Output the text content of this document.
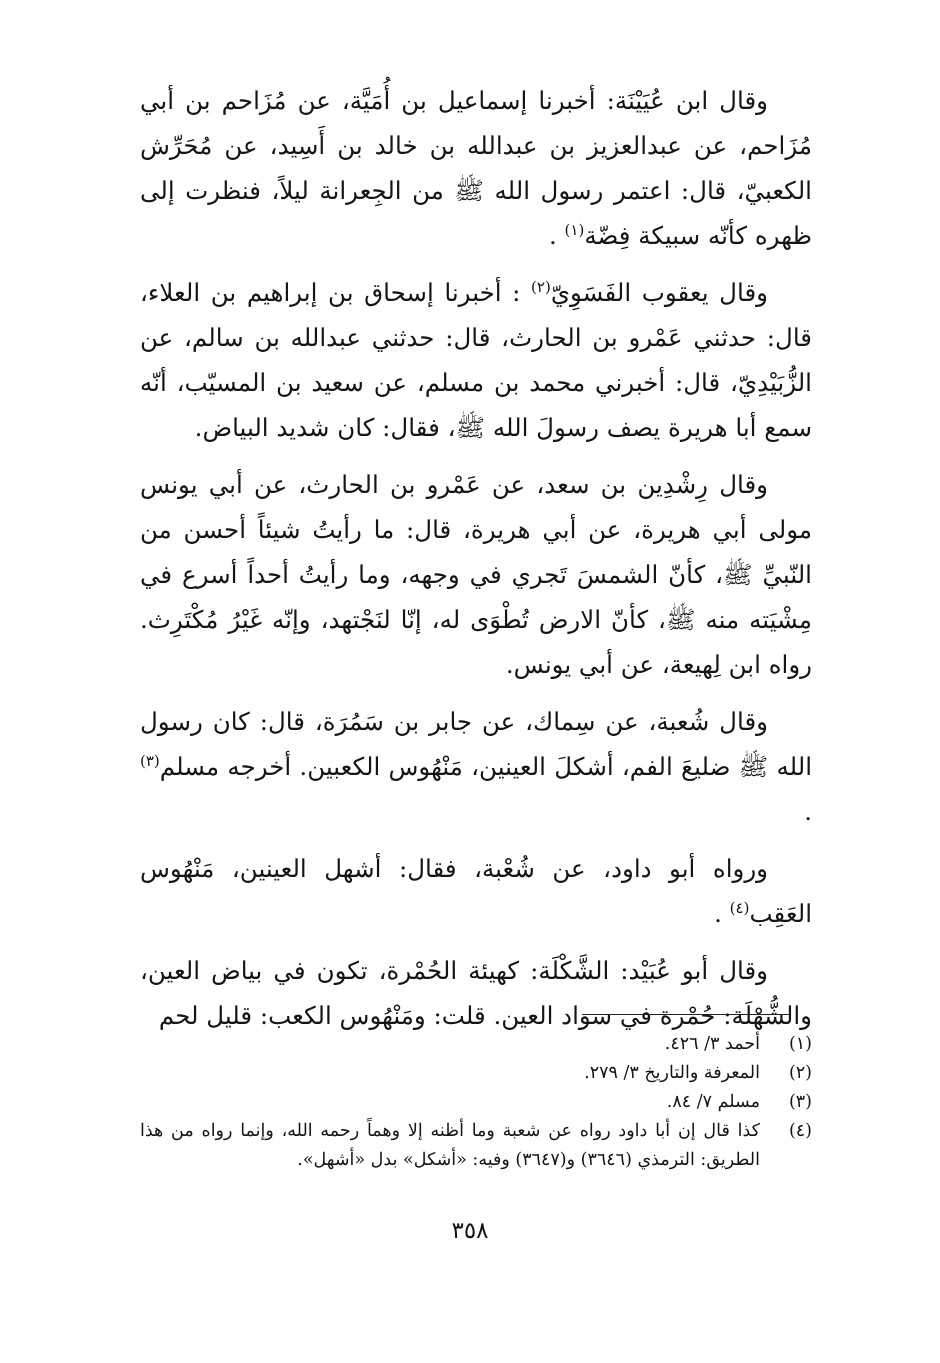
وقال ابن عُيَيْنَة: أخبرنا إسماعيل بن أُمَيَّة، عن مُزَاحم بن أبي مُزَاحم، عن عبدالعزيز بن عبدالله بن خالد بن أَسِيد، عن مُحَرِّش الكعبيّ، قال: اعتمر رسول الله ﷺ من الجِعرانة ليلاً، فنظرت إلى ظهره كأنّه سبيكة فِضّة$^{(١)}$ .

وقال يعقوب الفَسَوِيّ$^{(٢)}$ : أخبرنا إسحاق بن إبراهيم بن العلاء، قال: حدثني عَمْرو بن الحارث، قال: حدثني عبدالله بن سالم، عن الزُّبَيْدِيّ، قال: أخبرني محمد بن مسلم، عن سعيد بن المسيّب، أنّه سمع أبا هريرة يصف رسولَ الله ﷺ، فقال: كان شديد البياض.

وقال رِشْدِين بن سعد، عن عَمْرو بن الحارث، عن أبي يونس مولى أبي هريرة، عن أبي هريرة، قال: ما رأيتُ شيئاً أحسن من النّبيِّ ﷺ، كأنّ الشمسَ تَجري في وجهه، وما رأيتُ أحداً أسرع في مِشْيَته منه ﷺ، كأنّ الارض تُطْوَى له، إنّا لنَجْتهد، وإنّه غَيْرُ مُكْتَرِث. رواه ابن لِهيعة، عن أبي يونس.

وقال شُعبة، عن سِماك، عن جابر بن سَمُرَة، قال: كان رسول الله ﷺ ضليعَ الفم، أشكلَ العينين، مَنْهُوس الكعبين. أخرجه مسلم$^{(٣)}$ .

ورواه أبو داود، عن شُعْبة، فقال: أشهل العينين، مَنْهُوس العَقِب$^{(٤)}$ .

وقال أبو عُبَيْد: الشَّكْلَة: كهيئة الحُمْرة، تكون في بياض العين، والشُّهْلَة: حُمْرة في سواد العين. قلت: ومَنْهُوس الكعب: قليل لحم

(١)
أحمد ٣/ ٤٢٦.
(٢)
المعرفة والتاريخ ٣/ ٢٧٩.
(٣)
مسلم ٧/ ٨٤.
(٤)
كذا قال إن أبا داود رواه عن شعبة وما أظنه إلا وهماً رحمه الله، وإنما رواه من هذا الطريق: الترمذي (٣٦٤٦) و(٣٦٤٧) وفيه: «أشكل» بدل «أشهل».
٣٥٨
